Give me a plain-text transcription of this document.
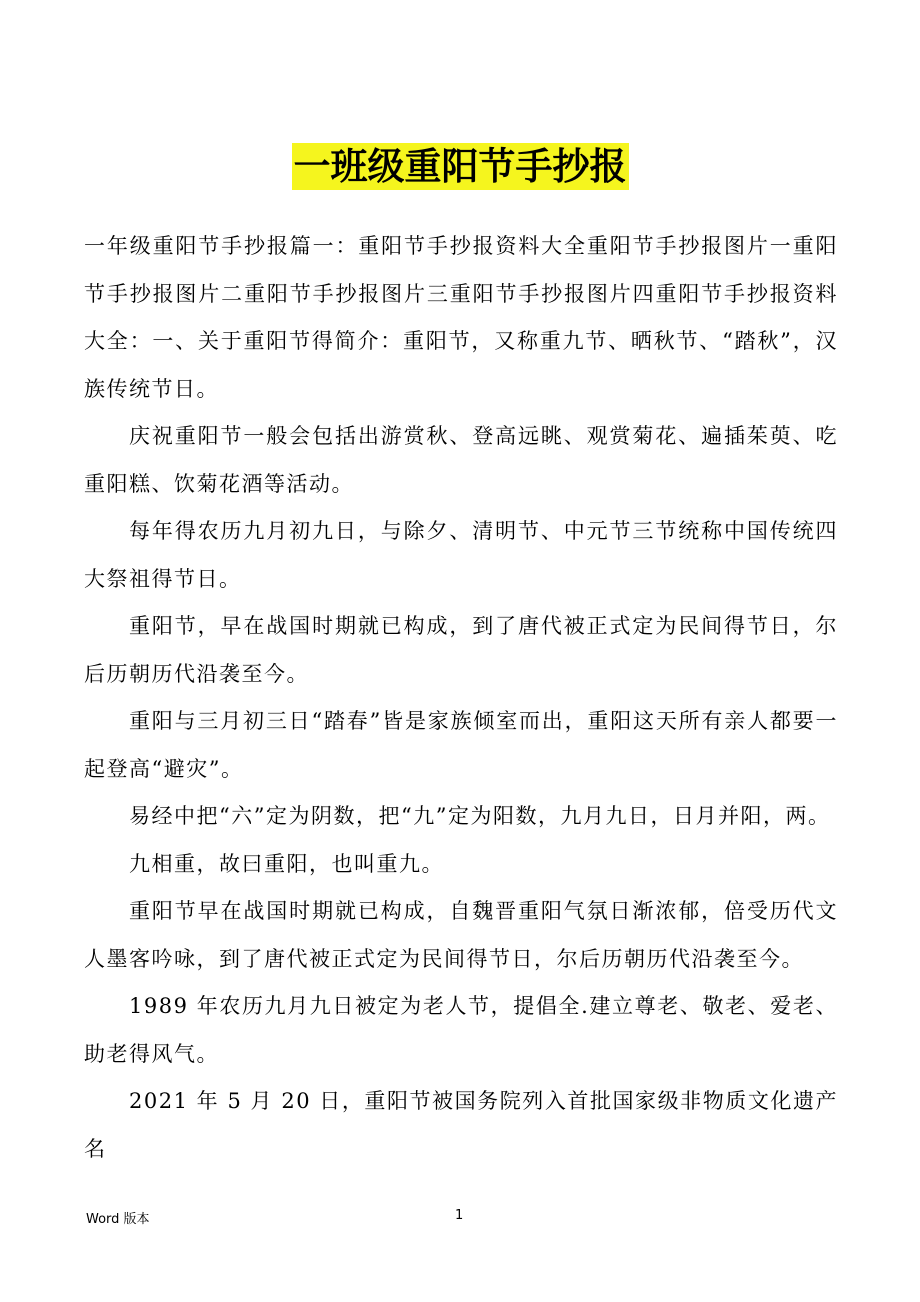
一班级重阳节手抄报

一年级重阳节手抄报篇一：重阳节手抄报资料大全重阳节手抄报图片一重阳节手抄报图片二重阳节手抄报图片三重阳节手抄报图片四重阳节手抄报资料大全：一、关于重阳节得简介：重阳节，又称重九节、晒秋节、“踏秋”，汉族传统节日。

庆祝重阳节一般会包括出游赏秋、登高远眺、观赏菊花、遍插茱萸、吃重阳糕、饮菊花酒等活动。

每年得农历九月初九日，与除夕、清明节、中元节三节统称中国传统四大祭祖得节日。

重阳节，早在战国时期就已构成，到了唐代被正式定为民间得节日，尔后历朝历代沿袭至今。

重阳与三月初三日“踏春”皆是家族倾室而出，重阳这天所有亲人都要一起登高“避灾”。

易经中把“六”定为阴数，把“九”定为阳数，九月九日，日月并阳，两。

九相重，故曰重阳，也叫重九。

重阳节早在战国时期就已构成，自魏晋重阳气氛日渐浓郁，倍受历代文人墨客吟咏，到了唐代被正式定为民间得节日，尔后历朝历代沿袭至今。

1989 年农历九月九日被定为老人节，提倡全.建立尊老、敬老、爱老、助老得风气。

2021 年 5 月 20 日，重阳节被国务院列入首批国家级非物质文化遗产名

Word 版本	1
